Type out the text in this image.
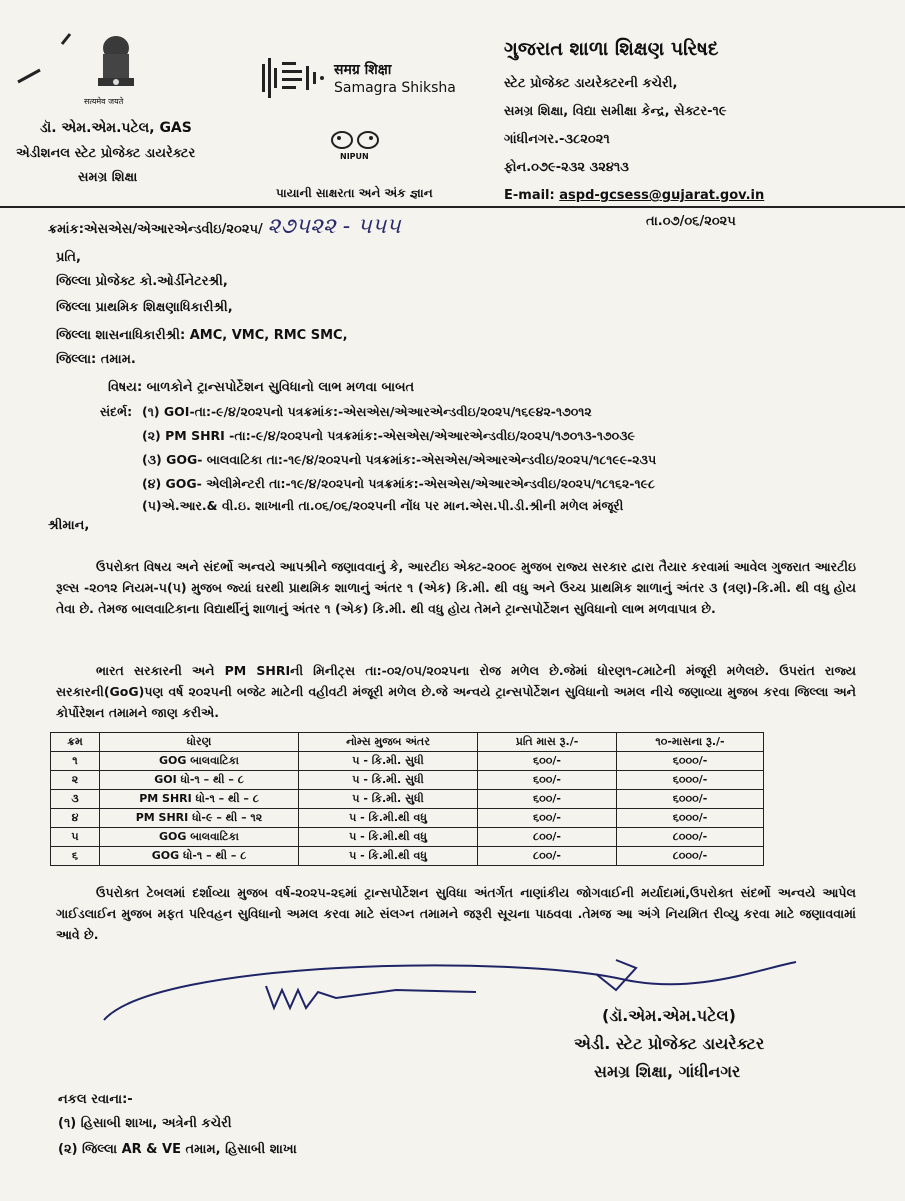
सत्यमेव जयते
ડૉ. એમ.એમ.પટેલ, GAS
એડીશનલ સ્ટેટ પ્રોજેક્ટ ડાયરેક્ટર
સમગ્ર શિક્ષા
समग्र शिक्षा
Samagra Shiksha
NIPUN
પાયાની સાક્ષરતા અને અંક જ્ઞાન
ગુજરાત શાળા શિક્ષણ પરિષદ
સ્ટેટ પ્રોજેક્ટ ડાયરેક્ટરની કચેરી,
સમગ્ર શિક્ષા, વિદ્યા સમીક્ષા કેન્દ્ર, સેક્ટર-૧૯
ગાંધીનગર.-૩૮૨૦૨૧
ફોન.૦૭૯-૨૩૨ ૩૨૪૧૩
E-mail: aspd-gcsess@gujarat.gov.in
ક્રમાંક:એસએસ/એઆરએન્ડવીઇ/૨૦૨૫/ ૨૭૫૨૨ - ૫૫૫	તા.૦૭/૦૬/૨૦૨૫
પ્રતિ,
જિલ્લા પ્રોજેક્ટ કો.ઓર્ડીનેટરશ્રી,
જિલ્લા પ્રાથમિક શિક્ષણાધિકારીશ્રી,
જિલ્લા શાસનાધિકારીશ્રી: AMC, VMC, RMC SMC,
જિલ્લા: તમામ.
વિષય: બાળકોને ટ્રાન્સપોર્ટેશન સુવિધાનો લાભ મળવા બાબત
સંદર્ભ: (૧) GOI-તા:-૯/૪/૨૦૨૫નો પત્રક્રમાંક:-એસએસ/એઆરએન્ડવીઇ/૨૦૨૫/૧૬૯૪૨-૧૭૦૧૨
(૨) PM SHRI -તા:-૯/૪/૨૦૨૫નો પત્રક્રમાંક:-એસએસ/એઆરએન્ડવીઇ/૨૦૨૫/૧૭૦૧૩-૧૭૦૩૯
(૩) GOG- બાલવાટિકા તા:-૧૯/૪/૨૦૨૫નો પત્રક્રમાંક:-એસએસ/એઆરએન્ડવીઇ/૨૦૨૫/૧૮૧૯૯-૨૩૫
(૪) GOG- એલીમેન્ટરી તા:-૧૯/૪/૨૦૨૫નો પત્રક્રમાંક:-એસએસ/એઆરએન્ડવીઇ/૨૦૨૫/૧૮૧૬૨-૧૯૮
(૫)એ.આર.& વી.ઇ. શાખાની તા.૦૬/૦૬/૨૦૨૫ની નોંધ પર માન.એસ.પી.ડી.શ્રીની મળેલ મંજૂરી
શ્રીમાન,
ઉપરોક્ત વિષય અને સંદર્ભો અન્વયે આપશ્રીને જણાવવાનું કે, આરટીઇ એક્ટ-૨૦૦૯ મુજબ રાજ્ય સરકાર દ્વારા તૈયાર કરવામાં આવેલ ગુજરાત આરટીઇ રૂલ્સ -૨૦૧૨ નિયમ-૫(૫) મુજબ જ્યાં ઘરથી પ્રાથમિક શાળાનું અંતર ૧ (એક) કિ.મી. થી વધુ અને ઉચ્ચ પ્રાથમિક શાળાનું અંતર ૩ (ત્રણ)-કિ.મી. થી વધુ હોય તેવા છે. તેમજ બાલવાટિકાના વિદ્યાર્થીનું શાળાનું અંતર ૧ (એક) કિ.મી. થી વધુ હોય તેમને ટ્રાન્સપોર્ટેશન સુવિધાનો લાભ મળવાપાત્ર છે.
ભારત સરકારની અને PM SHRIની મિનીટ્સ તા:-૦૨/૦૫/૨૦૨૫ના રોજ મળેલ છે.જેમાં ધોરણ૧-૮માટેની મંજૂરી મળેલછે. ઉપરાંત રાજ્ય સરકારની(GoG)પણ વર્ષ ૨૦૨૫ની બજેટ માટેની વહીવટી મંજૂરી મળેલ છે.જે અન્વયે ટ્રાન્સપોર્ટેશન સુવિધાનો અમલ નીચે જણાવ્યા મુજબ કરવા જિલ્લા અને કોર્પોરેશન તમામને જાણ કરીએ.
ક્રમ	ધોરણ	નોમ્સ મુજબ અંતર	પ્રતિ માસ રૂ./-	૧૦-માસના રૂ./-
૧	GOG બાલવાટિકા	૫ - કિ.મી. સુધી	૬૦૦/-	૬૦૦૦/-
૨	GOI ધો-૧ – થી – ૮	૫ - કિ.મી. સુધી	૬૦૦/-	૬૦૦૦/-
૩	PM SHRI ધો-૧ – થી – ૮	૫ - કિ.મી. સુધી	૬૦૦/-	૬૦૦૦/-
૪	PM SHRI ધો-૯ – થી – ૧૨	૫ - કિ.મી.થી વધુ	૬૦૦/-	૬૦૦૦/-
૫	GOG બાલવાટિકા	૫ - કિ.મી.થી વધુ	૮૦૦/-	૮૦૦૦/-
૬	GOG ધો-૧ – થી – ૮	૫ - કિ.મી.થી વધુ	૮૦૦/-	૮૦૦૦/-
ઉપરોક્ત ટેબલમાં દર્શાવ્યા મુજબ વર્ષ-૨૦૨૫-૨૬માં ટ્રાન્સપોર્ટેશન સુવિધા અંતર્ગત નાણાંકીય જોગવાઈની મર્યાદામાં,ઉપરોક્ત સંદર્ભો અન્વયે આપેલ ગાઈડલાઈન મુજબ મફત પરિવહન સુવિધાનો અમલ કરવા માટે સંલગ્ન તમામને જરૂરી સૂચના પાઠવવા .તેમજ આ અંગે નિયમિત રીવ્યુ કરવા માટે જણાવવામાં આવે છે.
(ડૉ.એમ.એમ.પટેલ)
એડી. સ્ટેટ પ્રોજેક્ટ ડાયરેક્ટર
સમગ્ર શિક્ષા, ગાંધીનગર
નકલ રવાના:-
(૧) હિસાબી શાખા, અત્રેની કચેરી
(૨) જિલ્લા AR & VE તમામ, હિસાબી શાખા
